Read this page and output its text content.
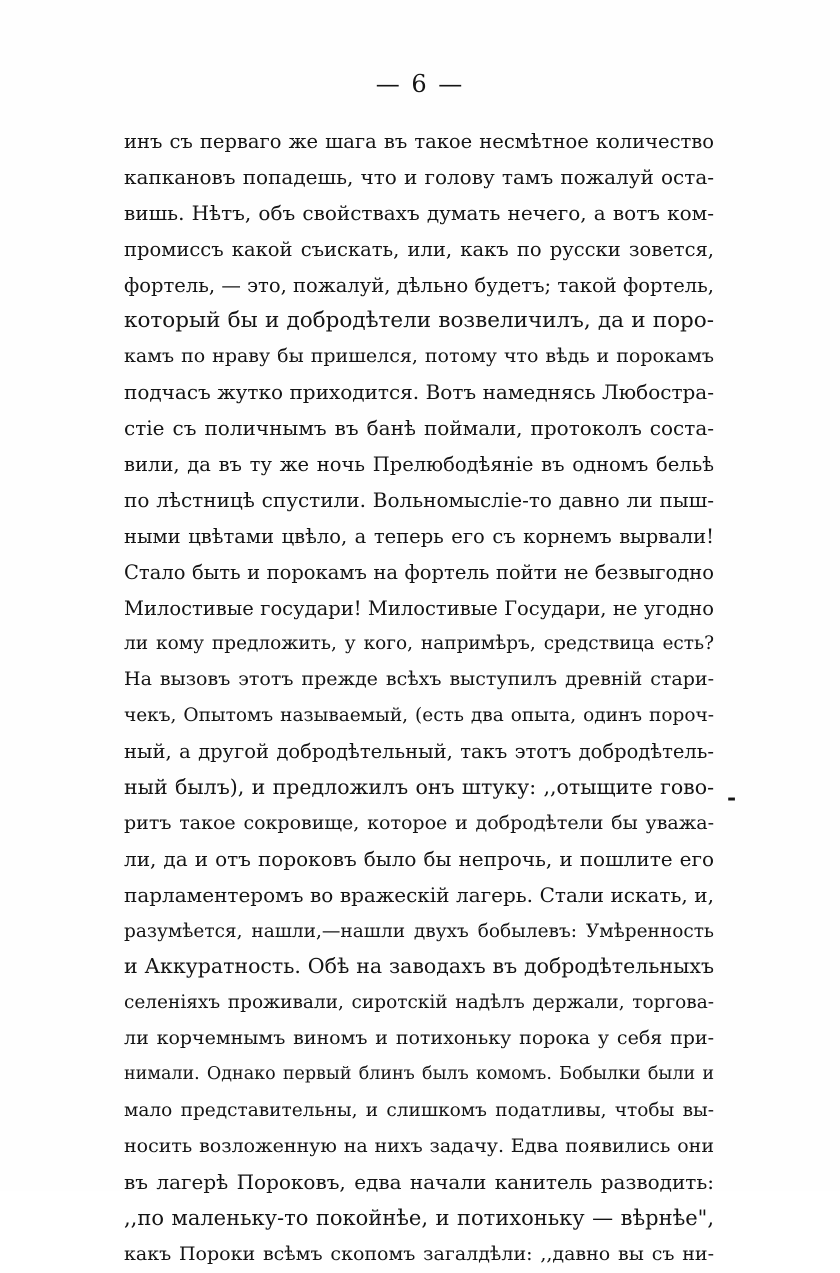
— 6 —
инъ съ перваго же шага въ такое несмѣтное количество
капкановъ попадешь, что и голову тамъ пожалуй оста-
вишь. Нѣтъ, объ свойствахъ думать нечего, а вотъ ком-
промиссъ какой съискать, или, какъ по русски зовется,
фортель, — это, пожалуй, дѣльно будетъ; такой фортель,
который бы и добродѣтели возвеличилъ, да и поро-
камъ по нраву бы пришелся, потому что вѣдь и порокамъ
подчасъ жутко приходится. Вотъ намеднясь Любостра-
стіе съ поличнымъ въ банѣ поймали, протоколъ соста-
вили, да въ ту же ночь Прелюбодѣяніе въ одномъ бельѣ
по лѣстницѣ спустили. Вольномысліе-то давно ли пыш-
ными цвѣтами цвѣло, а теперь его съ корнемъ вырвали!
Стало быть и порокамъ на фортель пойти не безвыгодно
Милостивые государи! Милостивые Государи, не угодно
ли кому предложить, у кого, напримѣръ, средствица есть?
На вызовъ этотъ прежде всѣхъ выступилъ древній стари-
чекъ, Опытомъ называемый, (есть два опыта, одинъ пороч-
ный, а другой добродѣтельный, такъ этотъ добродѣтель-
ный былъ), и предложилъ онъ штуку: ,,отыщите гово-
ритъ такое сокровище, которое и добродѣтели бы уважа-
ли, да и отъ пороковъ было бы непрочь, и пошлите его
парламентеромъ во вражескій лагерь. Стали искать, и,
разумѣется, нашли,—нашли двухъ бобылевъ: Умѣренность
и Аккуратность. Обѣ на заводахъ въ добродѣтельныхъ
селеніяхъ проживали, сиротскій надѣлъ держали, торгова-
ли корчемнымъ виномъ и потихоньку порока у себя при-
нимали. Однако первый блинъ былъ комомъ. Бобылки были и
мало представительны, и слишкомъ податливы, чтобы вы-
носить возложенную на нихъ задачу. Едва появились они
въ лагерѣ Пороковъ, едва начали канитель разводить:
,,по маленьку-то покойнѣе, и потихоньку — вѣрнѣе",
какъ Пороки всѣмъ скопомъ загалдѣли: ,,давно вы съ ни-
-
